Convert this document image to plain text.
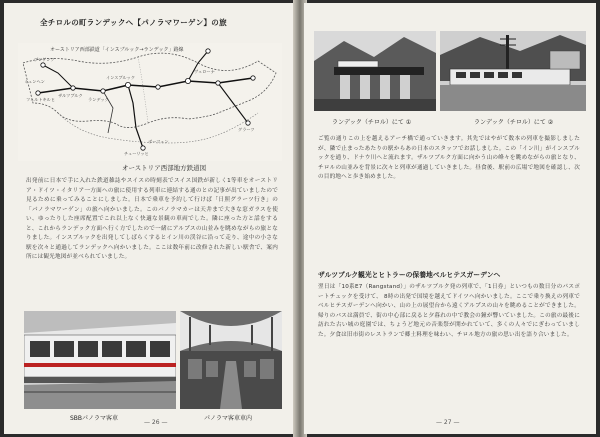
全チロルの町ランデックへ【パノラマワーゲン】の旅
オーストリア西部鉄道「インスブルック→ランデック」路線
ミュンヘン
ザルツブルク
インスブルック
ランデック
フェルトキルヒ
ブレゲンツ
チューリッヒ
ボーツェン
ヴェローナ
グラーツ
オーストリア西部地方鉄道図
出発前に日本で手に入れた鉄道雑誌やスイスの時刻表でスイス国鉄が新しく1等車をオーストリア・ドイツ・イタリア一方面への旅に使用する列車に連結する通のとの記事が出ていましたので見るために乗ってみることにしました。日本で乗車を予約して行けば「日照グラーツ行き」の「パノラマワーゲン」の旅へ向かいました。このパノラマカーは天井まで大きな窓ガラスを使い、ゆったりした座席配置でこれ以上なく快適な景観の車両でした。隣に座った方と話をすると、これからランデック方面へ行く方でしたので一緒にアルプスの山並みを眺めながらの旅となりました。インスブルックを出発してしばらくするとイン川の渓谷に沿って走り、途中の小さな駅を次々と通過してランデックへ向かいました。ここは数年前に改修された新しい駅舎で、案内所には観光地図が並べられていました。
SBBパノラマ客車	パノラマ客車車内
— 26 —
ランデック（チロル）にて ①	ランデック（チロル）にて ②
ご覧の通りこの上を越えるアーチ橋で通っていきます。其先ではやがて数本の列車を撮影しましたが、隣で止まったあたりの駅からあの日本のスタッフでお話しました。この「イン川」がインスブルックを通り、ドナウ川へと流れます。ザルツブルク方面に向かう山の峰々を眺めながらの旅となり、チロルの山並みを背景に次々と列車が通過していきました。昼食後、駅前の広場で地図を確認し、次の目的地へと歩き始めました。
ザルツブルク観光とヒトラーの保養地ベルヒテスガーデンへ
翌日は「10系E7（Rangstand）」のザルツブルク発の列車で、「1日券」といつもの数日分のパスポートチェックを受けて、 8時の出発で国境を越えてドイツへ向かいました。ここで乗り換えの列車でベルヒテスガーデンへ向かい、山の上の展望台から遠くアルプスの山々を眺めることができました。帰りのバスは満員で、街の中心部に戻ると夕暮れの中で教会の鐘が響いていました。この旅の最後に訪れた古い城の庭園では、ちょうど地元の音楽祭が開かれていて、多くの人々でにぎわっていました。夕食は旧市街のレストランで郷土料理を味わい、チロル地方の旅の思い出を語り合いました。
— 27 —
